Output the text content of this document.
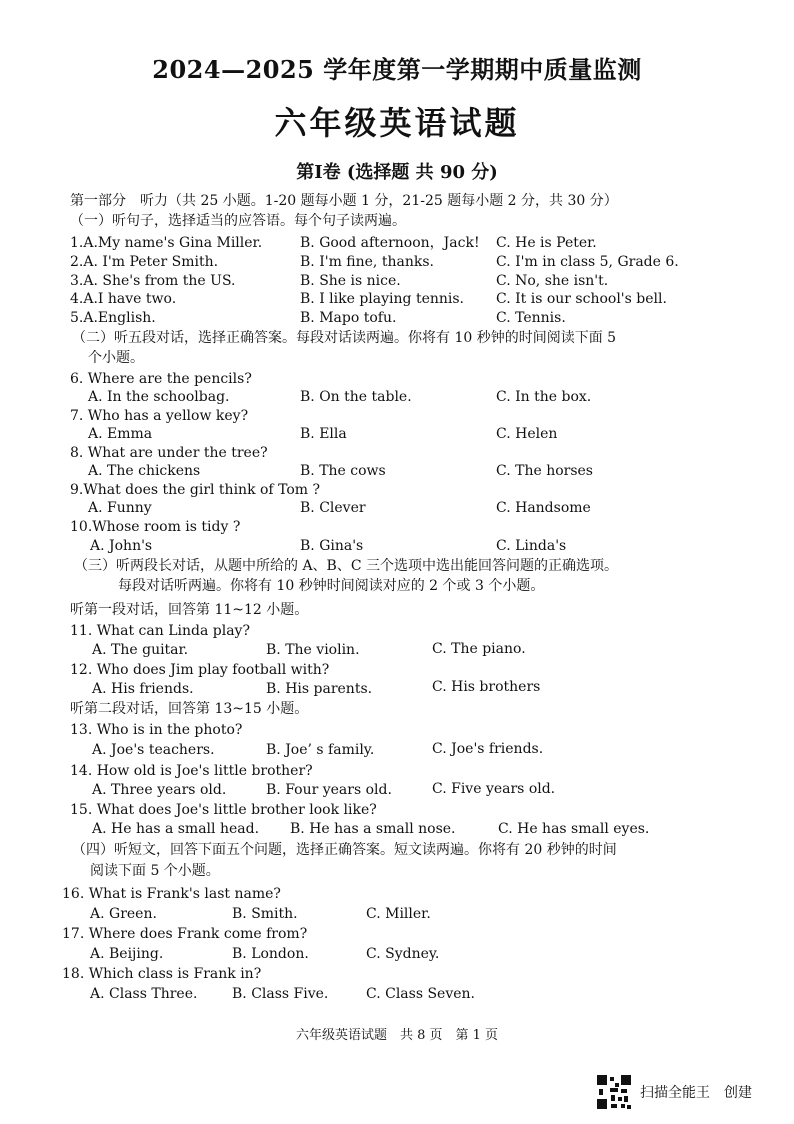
2024—2025 学年度第一学期期中质量监测
六年级英语试题
第Ⅰ卷 (选择题 共 90 分)
第一部分　听力（共 25 小题。1-20 题每小题 1 分，21-25 题每小题 2 分，共 30 分）
（一）听句子，选择适当的应答语。每个句子读两遍。
1.A.My name's Gina Miller.	B. Good afternoon，Jack! C. He is Peter.
2.A. I'm Peter Smith.	B. I'm fine, thanks.	C. I'm in class 5, Grade 6.
3.A. She's from the US.	B. She is nice.	C. No, she isn't.
4.A.I have two.	B. I like playing tennis. C. It is our school's bell.
5.A.English.	B. Mapo tofu.	C. Tennis.
（二）听五段对话，选择正确答案。每段对话读两遍。你将有 10 秒钟的时间阅读下面 5
个小题。
6. Where are the pencils?
A. In the schoolbag.	B. On the table.	C. In the box.
7. Who has a yellow key?
A. Emma	B. Ella	C. Helen
8. What are under the tree?
A. The chickens	B. The cows	C. The horses
9.What does the girl think of Tom ?
A. Funny	B. Clever	C. Handsome
10.Whose room is tidy ?
A. John's	B. Gina's	C. Linda's
（三）听两段长对话，从题中所给的 A、B、C 三个选项中选出能回答问题的正确选项。
每段对话听两遍。你将有 10 秒钟时间阅读对应的 2 个或 3 个小题。
听第一段对话，回答第 11~12 小题。
11. What can Linda play?
A. The guitar.	B. The violin.	C. The piano.
12. Who does Jim play football with?
A. His friends.	B. His parents.	C. His brothers
听第二段对话，回答第 13~15 小题。
13. Who is in the photo?
A. Joe's teachers.	B. Joe’ s family.	C. Joe's friends.
14. How old is Joe's little brother?
A. Three years old.	B. Four years old.	C. Five years old.
15. What does Joe's little brother look like?
A. He has a small head. B. He has a small nose.	C. He has small eyes.
（四）听短文，回答下面五个问题，选择正确答案。短文读两遍。你将有 20 秒钟的时间
阅读下面 5 个小题。
16. What is Frank's last name?
A. Green.	B. Smith.	C. Miller.
17. Where does Frank come from?
A. Beijing.	B. London.	C. Sydney.
18. Which class is Frank in?
A. Class Three. B. Class Five.	C. Class Seven.
六年级英语试题　共 8 页　第 1 页
扫描全能王　创建
